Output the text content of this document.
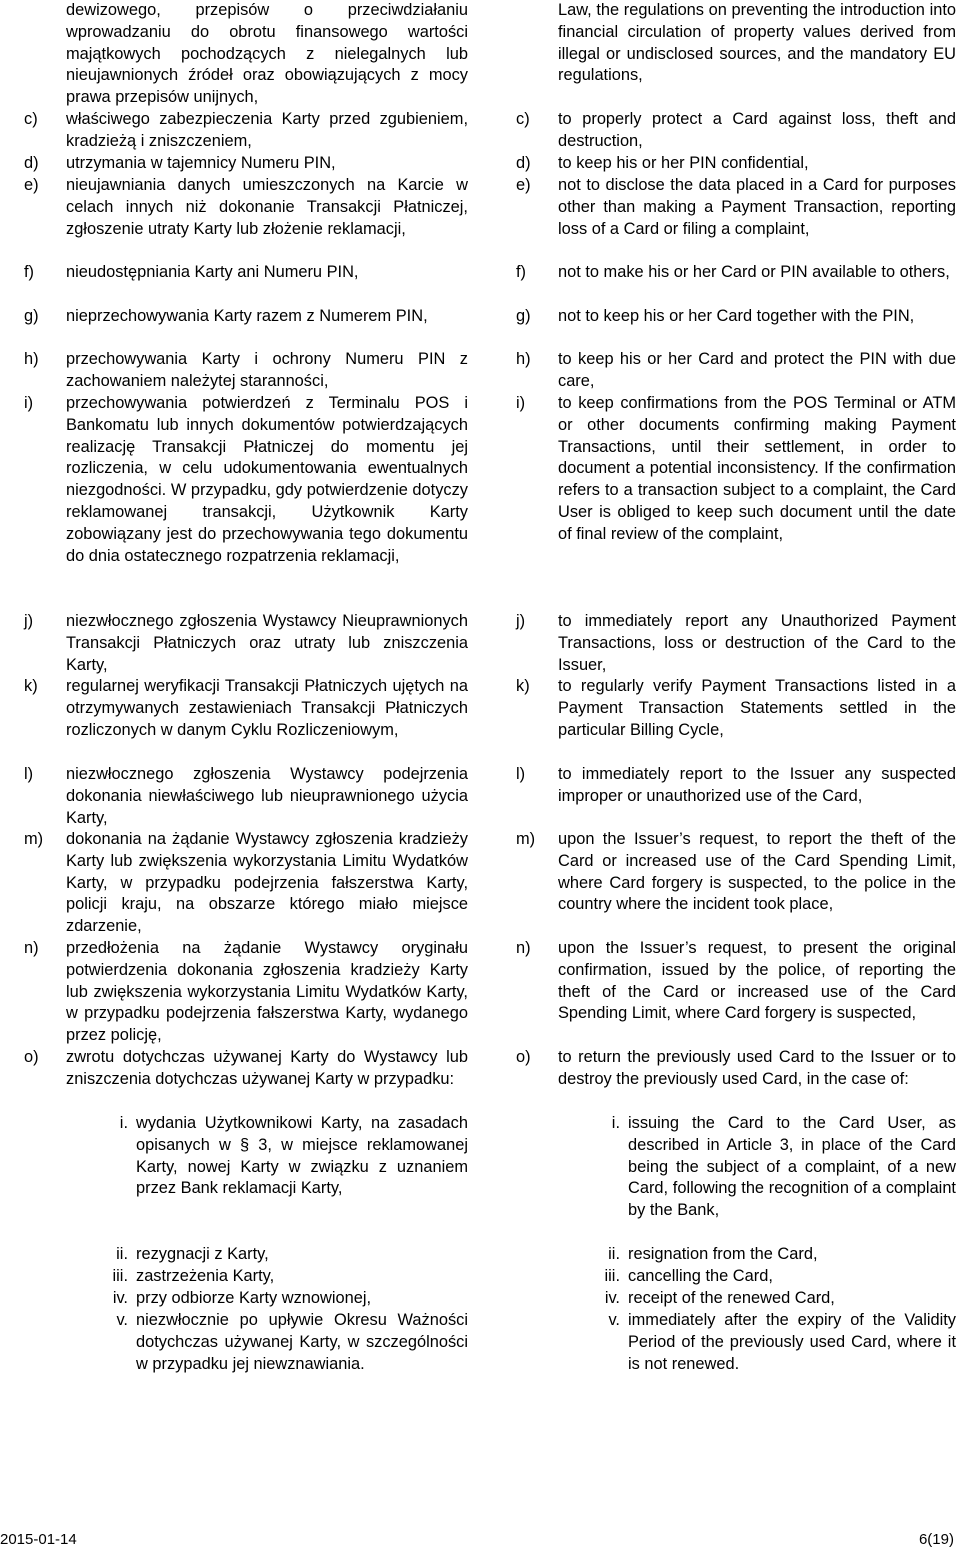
dewizowego, przepisów o przeciwdziałaniu wprowadzaniu do obrotu finansowego wartości majątkowych pochodzących z nielegalnych lub nieujawnionych źródeł oraz obowiązujących z mocy prawa przepisów unijnych,
c) właściwego zabezpieczenia Karty przed zgubieniem, kradzieżą i zniszczeniem,
d) utrzymania w tajemnicy Numeru PIN,
e) nieujawniania danych umieszczonych na Karcie w celach innych niż dokonanie Transakcji Płatniczej, zgłoszenie utraty Karty lub złożenie reklamacji,
f) nieudostępniania Karty ani Numeru PIN,
g) nieprzechowywania Karty razem z Numerem PIN,
h) przechowywania Karty i ochrony Numeru PIN z zachowaniem należytej staranności,
i) przechowywania potwierdzeń z Terminalu POS i Bankomatu lub innych dokumentów potwierdzających realizację Transakcji Płatniczej do momentu jej rozliczenia, w celu udokumentowania ewentualnych niezgodności. W przypadku, gdy potwierdzenie dotyczy reklamowanej transakcji, Użytkownik Karty zobowiązany jest do przechowywania tego dokumentu do dnia ostatecznego rozpatrzenia reklamacji,
j) niezwłocznego zgłoszenia Wystawcy Nieuprawnionych Transakcji Płatniczych oraz utraty lub zniszczenia Karty,
k) regularnej weryfikacji Transakcji Płatniczych ujętych na otrzymywanych zestawieniach Transakcji Płatniczych rozliczonych w danym Cyklu Rozliczeniowym,
l) niezwłocznego zgłoszenia Wystawcy podejrzenia dokonania niewłaściwego lub nieuprawnionego użycia Karty,
m) dokonania na żądanie Wystawcy zgłoszenia kradzieży Karty lub zwiększenia wykorzystania Limitu Wydatków Karty, w przypadku podejrzenia fałszerstwa Karty, policji kraju, na obszarze którego miało miejsce zdarzenie,
n) przedłożenia na żądanie Wystawcy oryginału potwierdzenia dokonania zgłoszenia kradzieży Karty lub zwiększenia wykorzystania Limitu Wydatków Karty, w przypadku podejrzenia fałszerstwa Karty, wydanego przez policję,
o) zwrotu dotychczas używanej Karty do Wystawcy lub zniszczenia dotychczas używanej Karty w przypadku:
i. wydania Użytkownikowi Karty, na zasadach opisanych w § 3, w miejsce reklamowanej Karty, nowej Karty w związku z uznaniem przez Bank reklamacji Karty,
ii. rezygnacji z Karty,
iii. zastrzeżenia Karty,
iv. przy odbiorze Karty wznowionej,
v. niezwłocznie po upływie Okresu Ważności dotychczas używanej Karty, w szczególności w przypadku jej niewznawiania.
Law, the regulations on preventing the introduction into financial circulation of property values derived from illegal or undisclosed sources, and the mandatory EU regulations,
c) to properly protect a Card against loss, theft and destruction,
d) to keep his or her PIN confidential,
e) not to disclose the data placed in a Card for purposes other than making a Payment Transaction, reporting loss of a Card or filing a complaint,
f) not to make his or her Card or PIN available to others,
g) not to keep his or her Card together with the PIN,
h) to keep his or her Card and protect the PIN with due care,
i) to keep confirmations from the POS Terminal or ATM or other documents confirming making Payment Transactions, until their settlement, in order to document a potential inconsistency. If the confirmation refers to a transaction subject to a complaint, the Card User is obliged to keep such document until the date of final review of the complaint,
j) to immediately report any Unauthorized Payment Transactions, loss or destruction of the Card to the Issuer,
k) to regularly verify Payment Transactions listed in a Payment Transaction Statements settled in the particular Billing Cycle,
l) to immediately report to the Issuer any suspected improper or unauthorized use of the Card,
m) upon the Issuer’s request, to report the theft of the Card or increased use of the Card Spending Limit, where Card forgery is suspected, to the police in the country where the incident took place,
n) upon the Issuer’s request, to present the original confirmation, issued by the police, of reporting the theft of the Card or increased use of the Card Spending Limit, where Card forgery is suspected,
o) to return the previously used Card to the Issuer or to destroy the previously used Card, in the case of:
i. issuing the Card to the Card User, as described in Article 3, in place of the Card being the subject of a complaint, of a new Card, following the recognition of a complaint by the Bank,
ii. resignation from the Card,
iii. cancelling the Card,
iv. receipt of the renewed Card,
v. immediately after the expiry of the Validity Period of the previously used Card, where it is not renewed.
2015-01-14	6(19)
